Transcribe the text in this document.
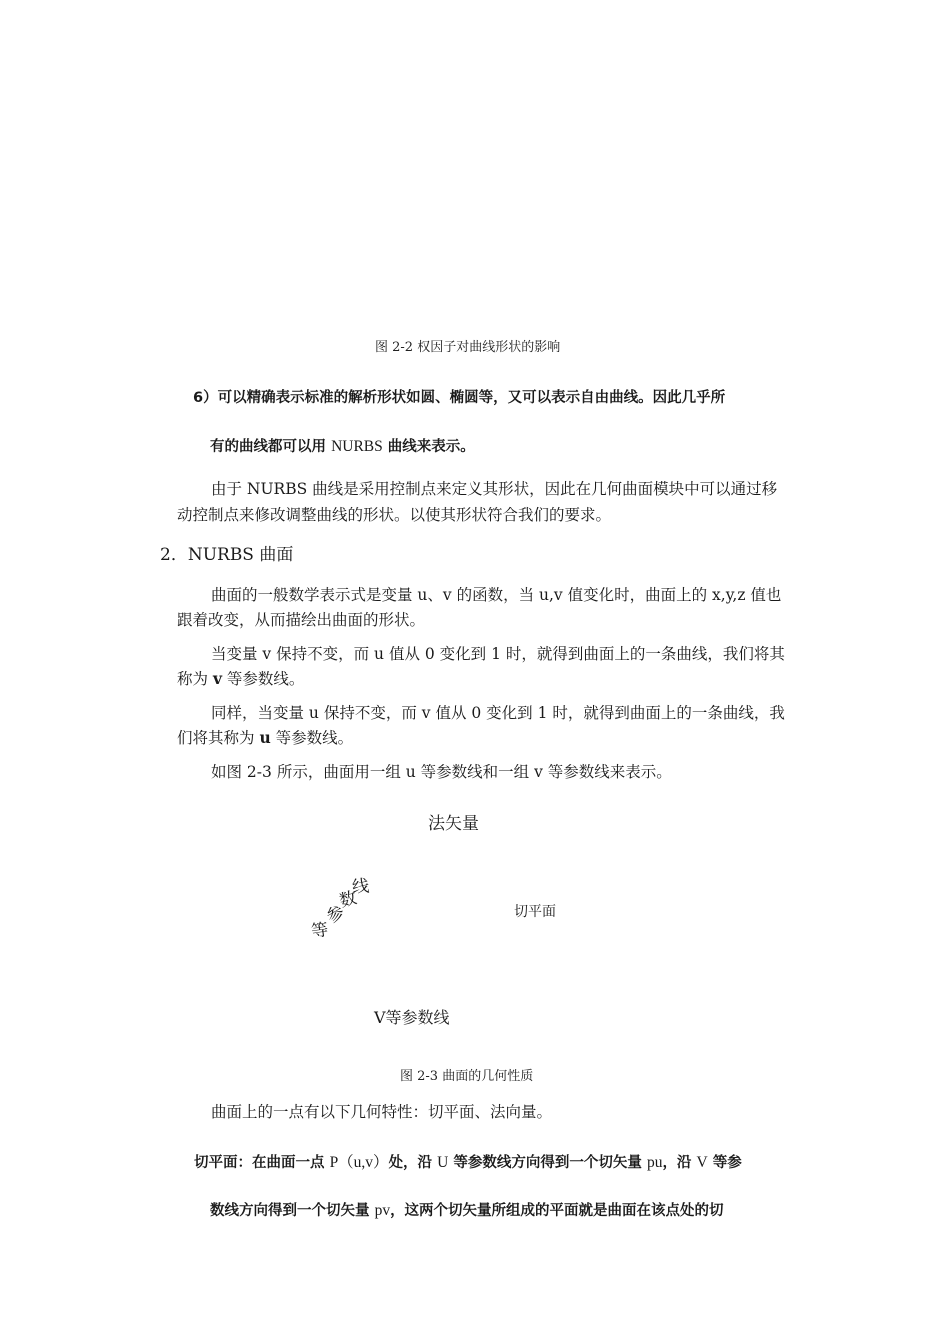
图 2-2 权因子对曲线形状的影响
6）可以精确表示标准的解析形状如圆、椭圆等，又可以表示自由曲线。因此几乎所
有的曲线都可以用 NURBS 曲线来表示。
由于 NURBS 曲线是采用控制点来定义其形状，因此在几何曲面模块中可以通过移
动控制点来修改调整曲线的形状。以使其形状符合我们的要求。
2．NURBS 曲面
曲面的一般数学表示式是变量 u、v 的函数，当 u,v 值变化时，曲面上的 x,y,z 值也
跟着改变，从而描绘出曲面的形状。
当变量 v 保持不变，而 u 值从 0 变化到 1 时，就得到曲面上的一条曲线，我们将其
称为 v 等参数线。
同样，当变量 u 保持不变，而 v 值从 0 变化到 1 时，就得到曲面上的一条曲线，我
们将其称为 u 等参数线。
如图 2-3 所示，曲面用一组 u 等参数线和一组 v 等参数线来表示。
法矢量
等
参
数
线
切平面
V等参数线
图 2-3 曲面的几何性质
曲面上的一点有以下几何特性：切平面、法向量。
切平面：在曲面一点 P（u,v）处，沿 U 等参数线方向得到一个切矢量 pu，沿 V 等参
数线方向得到一个切矢量 pv，这两个切矢量所组成的平面就是曲面在该点处的切
